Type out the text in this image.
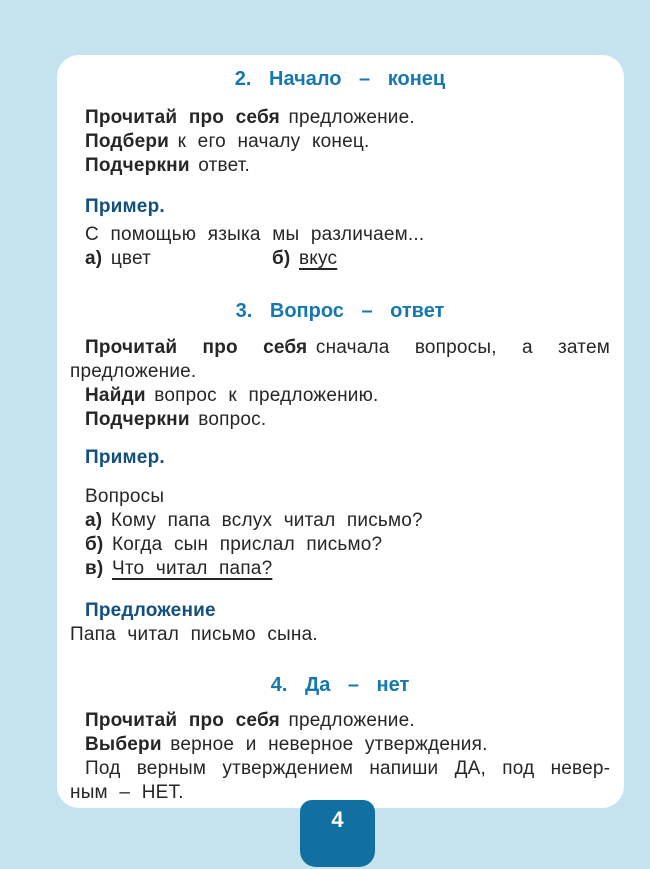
2. Начало – конец

Прочитай про себя предложение.

Подбери к его началу конец.

Подчеркни ответ.

Пример.

С помощью языка мы различаем...

а) цвет	б) вкус

3. Вопрос – ответ

Прочитай про себя сначала вопросы, а затем предложение.

Найди вопрос к предложению.

Подчеркни вопрос.

Пример.

Вопросы

а) Кому папа вслух читал письмо?

б) Когда сын прислал письмо?

в) Что читал папа?

Предложение

Папа читал письмо сына.

4. Да – нет

Прочитай про себя предложение.

Выбери верное и неверное утверждения.

Под верным утверждением напиши ДА, под неверным – НЕТ.

4
